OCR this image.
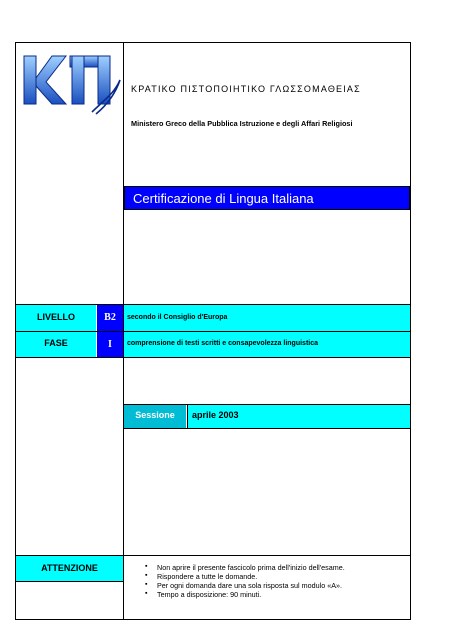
ΚΡΑΤΙΚΟ ΠΙΣΤΟΠΟΙΗΤΙΚΟ ΓΛΩΣΣΟΜΑΘΕΙΑΣ
Ministero Greco della Pubblica Istruzione e degli Affari Religiosi
Certificazione di Lingua Italiana
LIVELLO	B2	secondo il Consiglio d'Europa
FASE	I	comprensione di testi scritti e consapevolezza linguistica
Sessione	aprile 2003
ATTENZIONE
▪	Non aprire il presente fascicolo prima dell'inizio dell'esame.
▪ Rispondere a tutte le domande.
▪ Per ogni domanda dare una sola risposta sul modulo «A».
▪ Tempo a disposizione: 90 minuti.
